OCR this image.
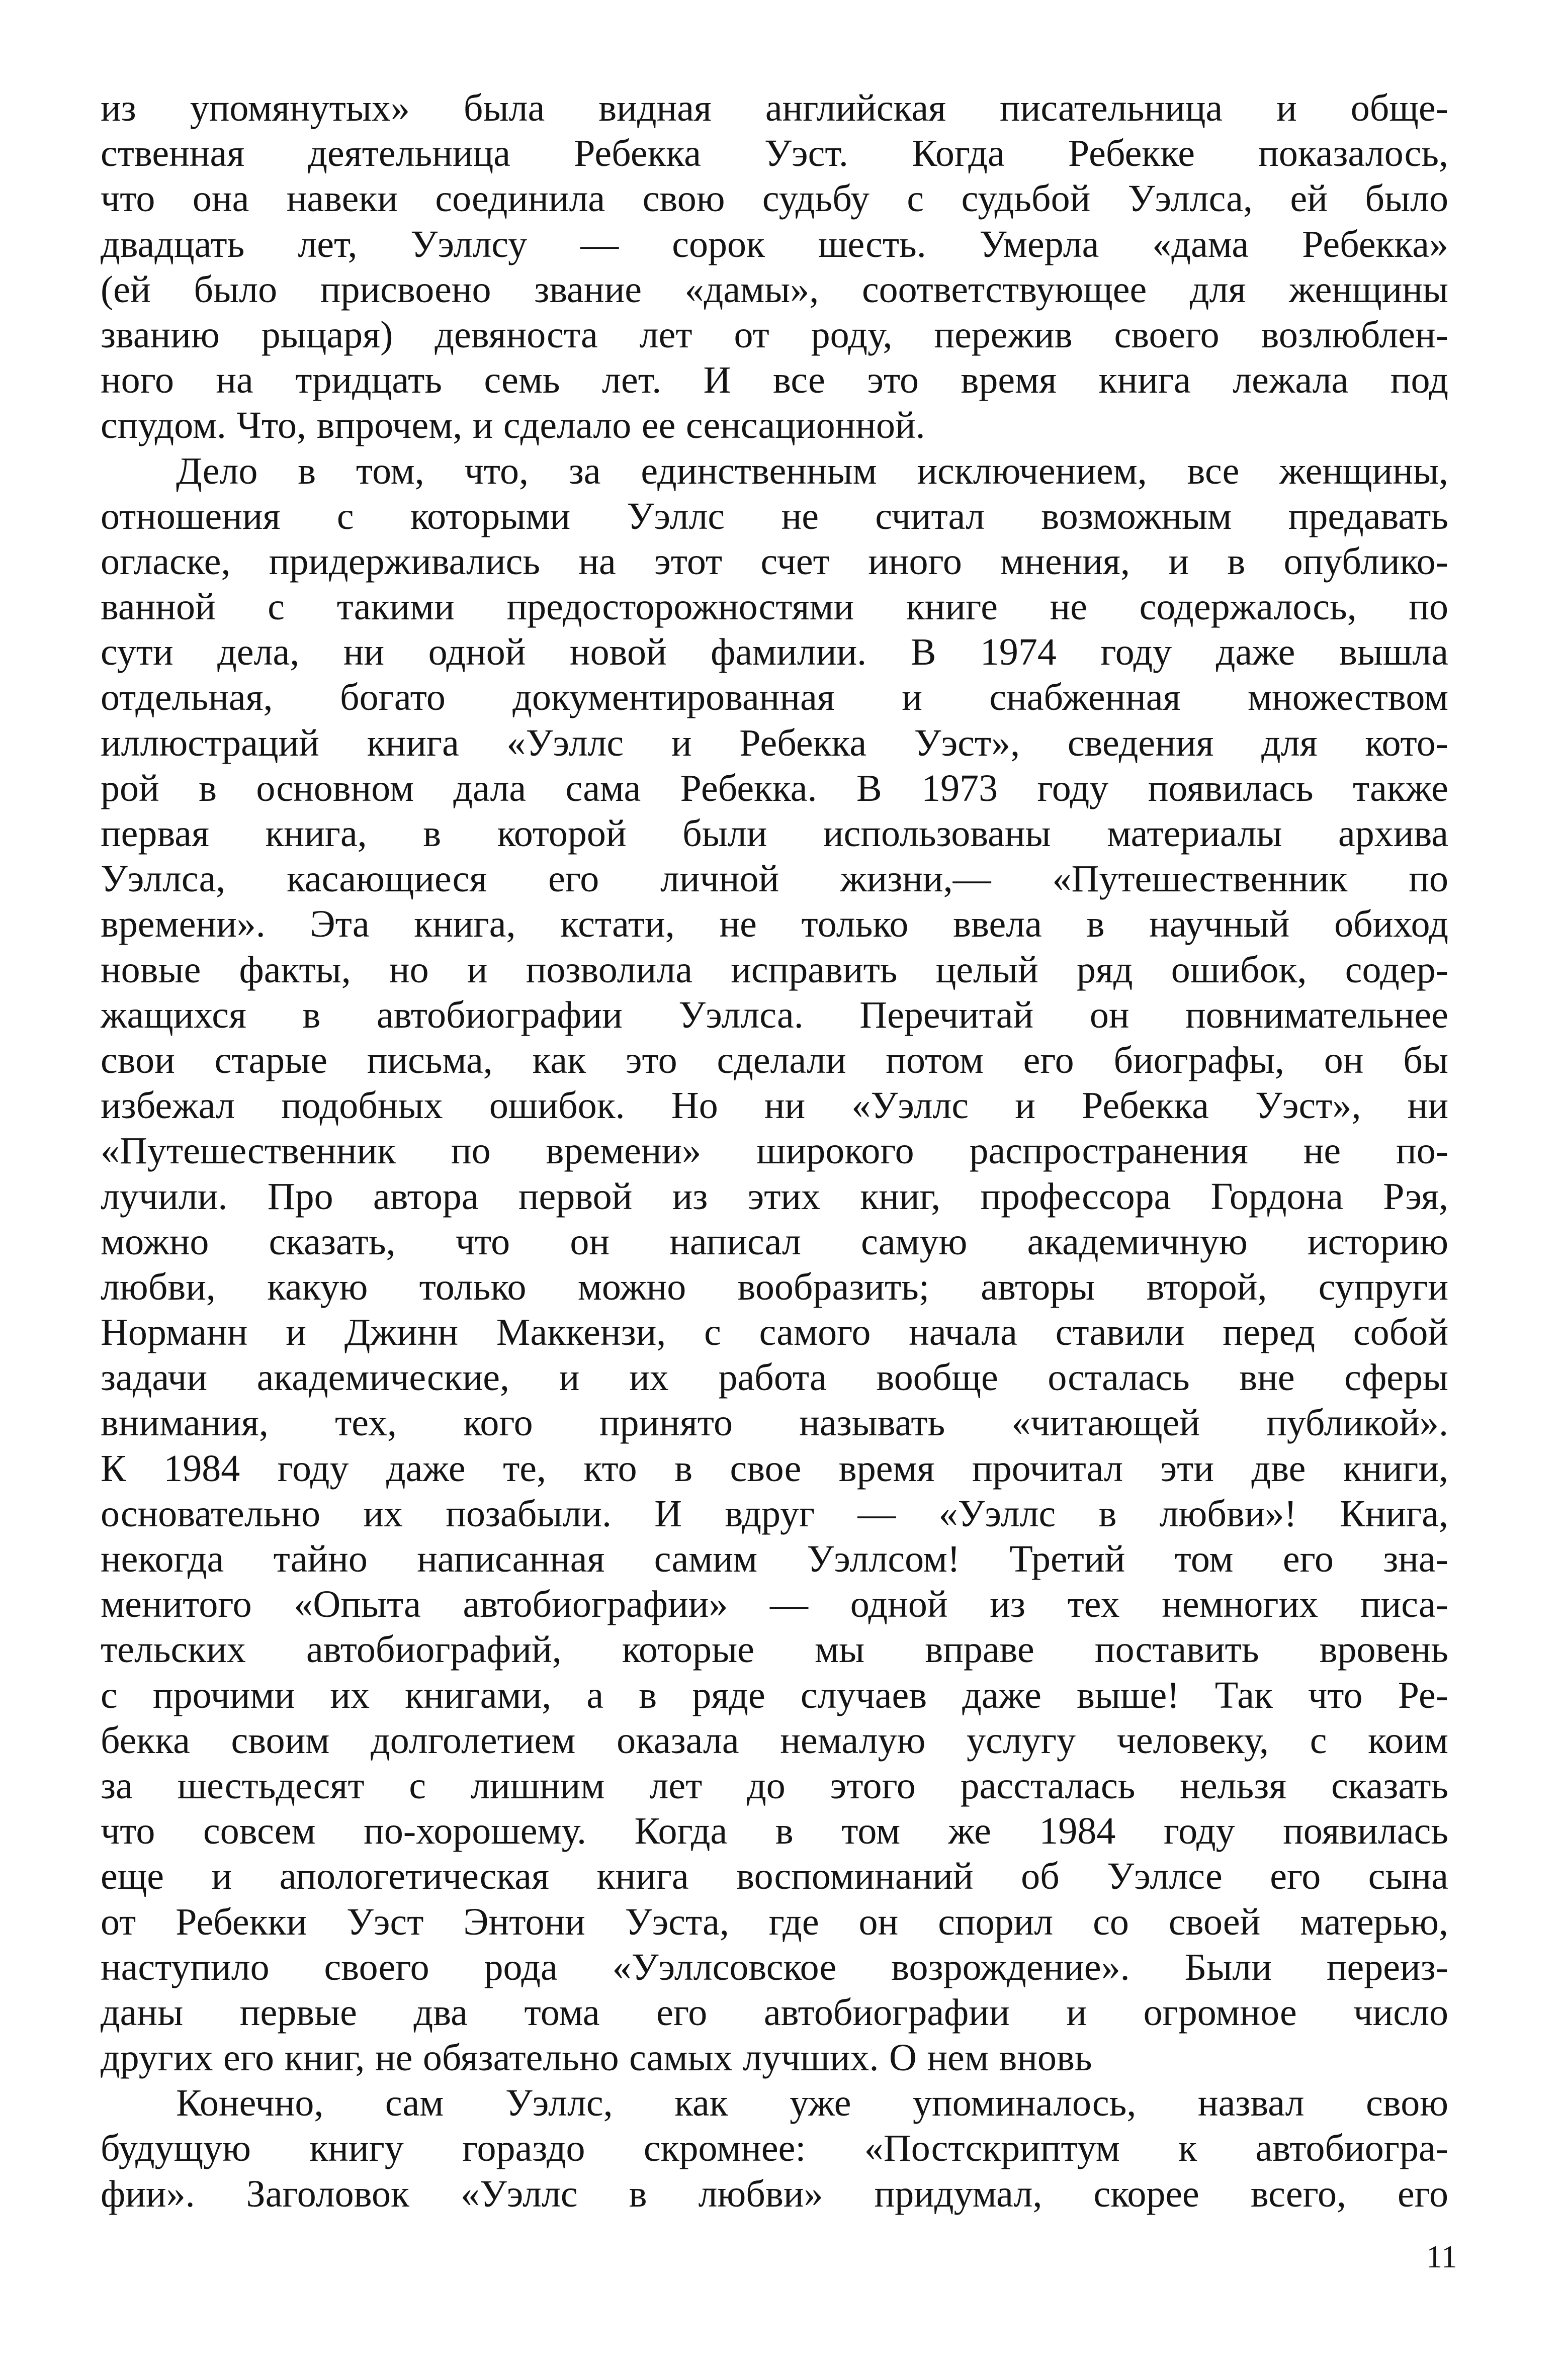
из упомянутых» была видная английская писательница и обще-
ственная деятельница Ребекка Уэст. Когда Ребекке показалось,
что она навеки соединила свою судьбу с судьбой Уэллса, ей было
двадцать лет, Уэллсу — сорок шесть. Умерла «дама Ребекка»
(ей было присвоено звание «дамы», соответствующее для женщины
званию рыцаря) девяноста лет от роду, пережив своего возлюблен-
ного на тридцать семь лет. И все это время книга лежала под
спудом. Что, впрочем, и сделало ее сенсационной.
Дело в том, что, за единственным исключением, все женщины,
отношения с которыми Уэллс не считал возможным предавать
огласке, придерживались на этот счет иного мнения, и в опублико-
ванной с такими предосторожностями книге не содержалось, по
сути дела, ни одной новой фамилии. В 1974 году даже вышла
отдельная, богато документированная и снабженная множеством
иллюстраций книга «Уэллс и Ребекка Уэст», сведения для кото-
рой в основном дала сама Ребекка. В 1973 году появилась также
первая книга, в которой были использованы материалы архива
Уэллса, касающиеся его личной жизни,— «Путешественник по
времени». Эта книга, кстати, не только ввела в научный обиход
новые факты, но и позволила исправить целый ряд ошибок, содер-
жащихся в автобиографии Уэллса. Перечитай он повнимательнее
свои старые письма, как это сделали потом его биографы, он бы
избежал подобных ошибок. Но ни «Уэллс и Ребекка Уэст», ни
«Путешественник по времени» широкого распространения не по-
лучили. Про автора первой из этих книг, профессора Гордона Рэя,
можно сказать, что он написал самую академичную историю
любви, какую только можно вообразить; авторы второй, супруги
Норманн и Джинн Маккензи, с самого начала ставили перед собой
задачи академические, и их работа вообще осталась вне сферы
внимания, тех, кого принято называть «читающей публикой».
К 1984 году даже те, кто в свое время прочитал эти две книги,
основательно их позабыли. И вдруг — «Уэллс в любви»! Книга,
некогда тайно написанная самим Уэллсом! Третий том его зна-
менитого «Опыта автобиографии» — одной из тех немногих писа-
тельских автобиографий, которые мы вправе поставить вровень
с прочими их книгами, а в ряде случаев даже выше! Так что Ре-
бекка своим долголетием оказала немалую услугу человеку, с коим
за шестьдесят с лишним лет до этого рассталась нельзя сказать
что совсем по-хорошему. Когда в том же 1984 году появилась
еще и апологетическая книга воспоминаний об Уэллсе его сына
от Ребекки Уэст Энтони Уэста, где он спорил со своей матерью,
наступило своего рода «Уэллсовское возрождение». Были переиз-
даны первые два тома его автобиографии и огромное число
других его книг, не обязательно самых лучших. О нем вновь
Конечно, сам Уэллс, как уже упоминалось, назвал свою
будущую книгу гораздо скромнее: «Постскриптум к автобиогра-
фии». Заголовок «Уэллс в любви» придумал, скорее всего, его
11
